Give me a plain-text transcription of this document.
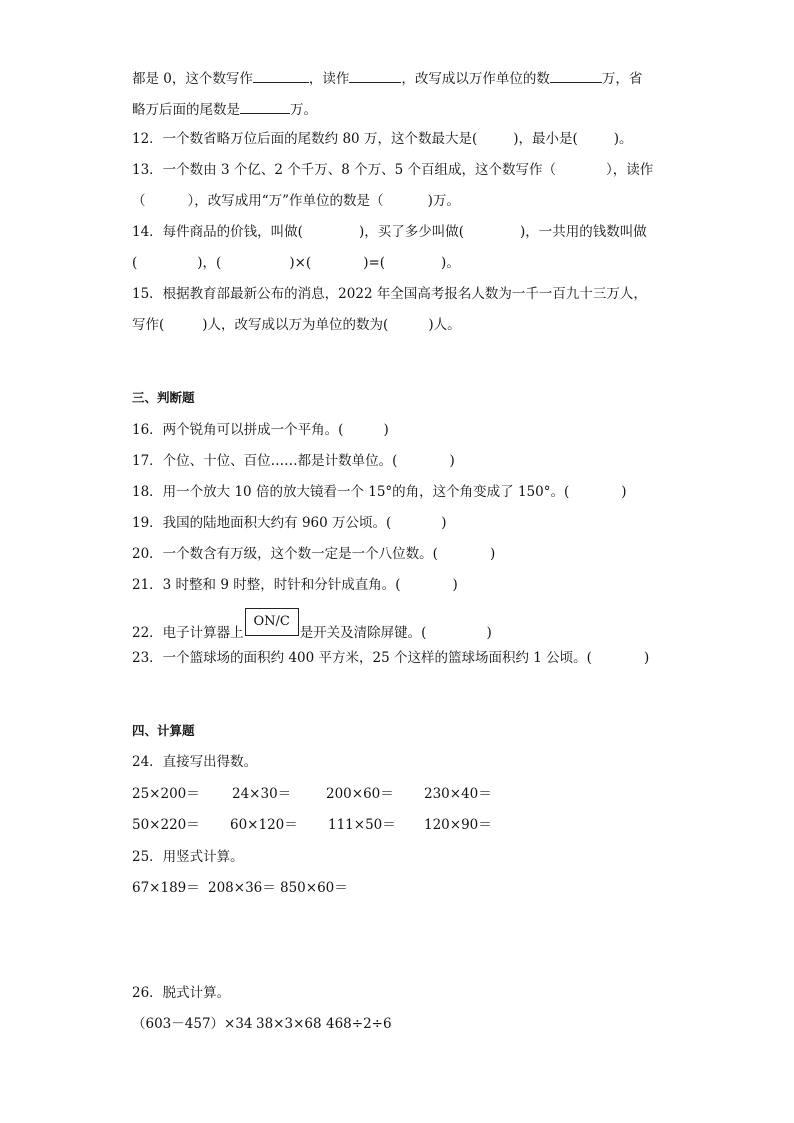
都是 0，这个数写作	，读作	，改写成以万作单位的数	万，省
略万后面的尾数是	万。
12．一个数省略万位后面的尾数约 80 万，这个数最大是(	)，最小是(	)。
13．一个数由 3 个亿、2 个千万、8 个万、5 个百组成，这个数写作（	），读作
（	），改写成用“万”作单位的数是（	)万。
14．每件商品的价钱，叫做(	)，买了多少叫做(	)，一共用的钱数叫做
(	)，(	)×(	)=(	)。
15．根据教育部最新公布的消息，2022 年全国高考报名人数为一千一百九十三万人，
写作(	)人，改写成以万为单位的数为(	)人。
三、判断题
16．两个锐角可以拼成一个平角。(	)
17．个位、十位、百位……都是计数单位。(	)
18．用一个放大 10 倍的放大镜看一个 15°的角，这个角变成了 150°。(	)
19．我国的陆地面积大约有 960 万公顷。(	)
20．一个数含有万级，这个数一定是一个八位数。(	)
21．3 时整和 9 时整，时针和分针成直角。(	)
22．电子计算器上ON/C是开关及清除屏键。(	)
23．一个篮球场的面积约 400 平方米，25 个这样的篮球场面积约 1 公顷。(	)
四、计算题
24．直接写出得数。
25×200＝ 24×30＝	200×60＝ 230×40＝
50×220＝ 60×120＝ 111×50＝ 120×90＝
25．用竖式计算。
67×189＝ 208×36＝ 850×60＝
26．脱式计算。
（603－457）×34 38×3×68 468÷2÷6
